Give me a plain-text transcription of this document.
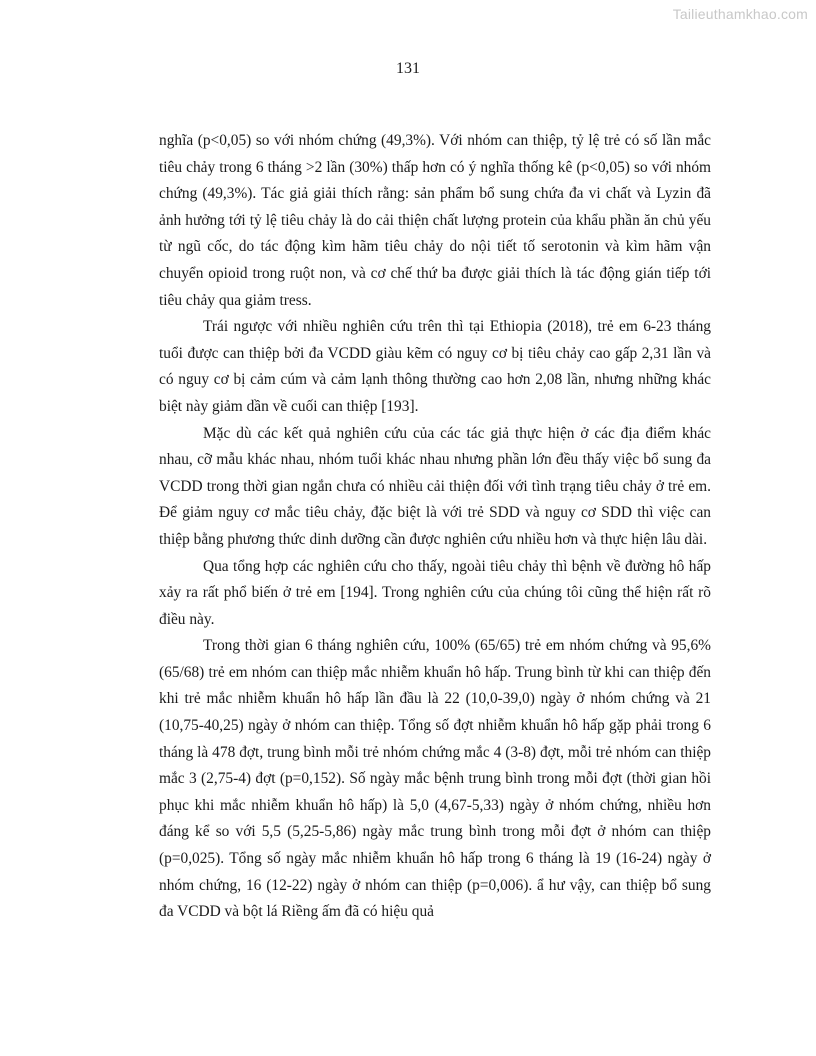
Tailieuthamkhao.com
131

nghĩa (p<0,05) so với nhóm chứng (49,3%). Với nhóm can thiệp, tỷ lệ trẻ có số lần mắc tiêu chảy trong 6 tháng >2 lần (30%) thấp hơn có ý nghĩa thống kê (p<0,05) so với nhóm chứng (49,3%). Tác giả giải thích rằng: sản phẩm bổ sung chứa đa vi chất và Lyzin đã ảnh hưởng tới tỷ lệ tiêu chảy là do cải thiện chất lượng protein của khẩu phần ăn chủ yếu từ ngũ cốc, do tác động kìm hãm tiêu chảy do nội tiết tố serotonin và kìm hãm vận chuyển opioid trong ruột non, và cơ chế thứ ba được giải thích là tác động gián tiếp tới tiêu chảy qua giảm tress.

Trái ngược với nhiều nghiên cứu trên thì tại Ethiopia (2018), trẻ em 6-23 tháng tuổi được can thiệp bởi đa VCDD giàu kẽm có nguy cơ bị tiêu chảy cao gấp 2,31 lần và có nguy cơ bị cảm cúm và cảm lạnh thông thường cao hơn 2,08 lần, nhưng những khác biệt này giảm dần về cuối can thiệp [193].

Mặc dù các kết quả nghiên cứu của các tác giả thực hiện ở các địa điểm khác nhau, cỡ mẫu khác nhau, nhóm tuổi khác nhau nhưng phần lớn đều thấy việc bổ sung đa VCDD trong thời gian ngắn chưa có nhiều cải thiện đối với tình trạng tiêu chảy ở trẻ em. Để giảm nguy cơ mắc tiêu chảy, đặc biệt là với trẻ SDD và nguy cơ SDD thì việc can thiệp bằng phương thức dinh dưỡng cần được nghiên cứu nhiều hơn và thực hiện lâu dài.

Qua tổng hợp các nghiên cứu cho thấy, ngoài tiêu chảy thì bệnh về đường hô hấp xảy ra rất phổ biến ở trẻ em [194]. Trong nghiên cứu của chúng tôi cũng thể hiện rất rõ điều này.

Trong thời gian 6 tháng nghiên cứu, 100% (65/65) trẻ em nhóm chứng và 95,6% (65/68) trẻ em nhóm can thiệp mắc nhiễm khuẩn hô hấp. Trung bình từ khi can thiệp đến khi trẻ mắc nhiễm khuẩn hô hấp lần đầu là 22 (10,0-39,0) ngày ở nhóm chứng và 21 (10,75-40,25) ngày ở nhóm can thiệp. Tổng số đợt nhiễm khuẩn hô hấp gặp phải trong 6 tháng là 478 đợt, trung bình mỗi trẻ nhóm chứng mắc 4 (3-8) đợt, mỗi trẻ nhóm can thiệp mắc 3 (2,75-4) đợt (p=0,152). Số ngày mắc bệnh trung bình trong mỗi đợt (thời gian hồi phục khi mắc nhiễm khuẩn hô hấp) là 5,0 (4,67-5,33) ngày ở nhóm chứng, nhiều hơn đáng kể so với 5,5 (5,25-5,86) ngày mắc trung bình trong mỗi đợt ở nhóm can thiệp (p=0,025). Tổng số ngày mắc nhiễm khuẩn hô hấp trong 6 tháng là 19 (16-24) ngày ở nhóm chứng, 16 (12-22) ngày ở nhóm can thiệp (p=0,006). ẩ hư vậy, can thiệp bổ sung đa VCDD và bột lá Riềng ấm đã có hiệu quả
